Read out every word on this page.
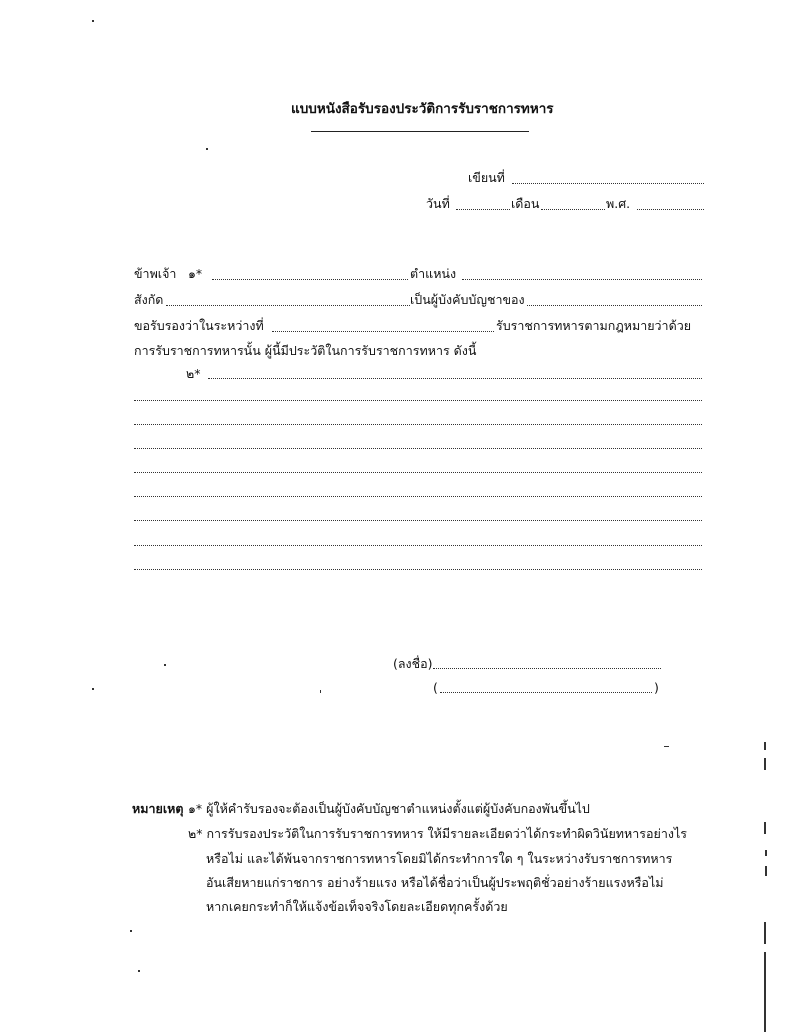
แบบหนังสือรับรองประวัติการรับราชการทหาร
เขียนที่
วันที่	เดือน	พ.ศ.
ข้าพเจ้า ๑*	ตำแหน่ง
สังกัด	เป็นผู้บังคับบัญชาของ
ขอรับรองว่าในระหว่างที่	รับราชการทหารตามกฎหมายว่าด้วย
การรับราชการทหารนั้น ผู้นี้มีประวัติในการรับราชการทหาร ดังนี้
๒*
(ลงชื่อ)
(	)
หมายเหตุ ๑* ผู้ให้คำรับรองจะต้องเป็นผู้บังคับบัญชาตำแหน่งตั้งแต่ผู้บังคับกองพันขึ้นไป
๒* การรับรองประวัติในการรับราชการทหาร ให้มีรายละเอียดว่าได้กระทำผิดวินัยทหารอย่างไร
หรือไม่ และได้พ้นจากราชการทหารโดยมิได้กระทำการใด ๆ ในระหว่างรับราชการทหาร
อันเสียหายแก่ราชการ อย่างร้ายแรง หรือได้ชื่อว่าเป็นผู้ประพฤติชั่วอย่างร้ายแรงหรือไม่
หากเคยกระทำก็ให้แจ้งข้อเท็จจริงโดยละเอียดทุกครั้งด้วย
